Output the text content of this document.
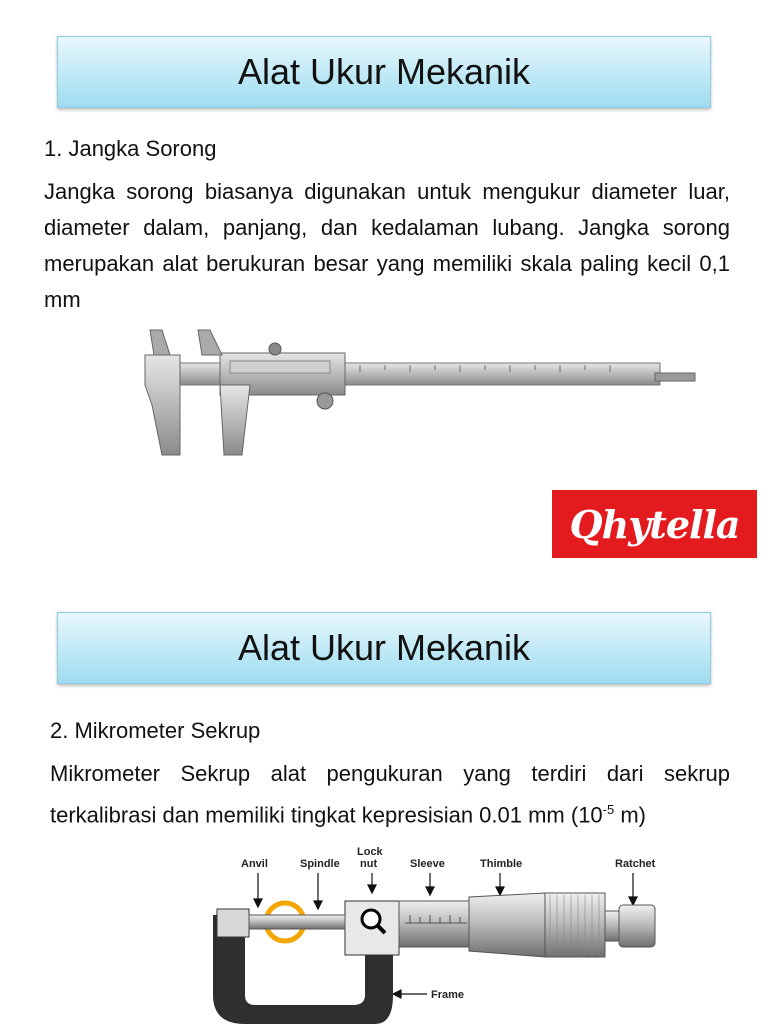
Alat Ukur Mekanik
1. Jangka Sorong
Jangka sorong biasanya digunakan untuk mengukur diameter luar, diameter dalam, panjang, dan kedalaman lubang. Jangka sorong merupakan alat berukuran besar yang memiliki skala paling kecil 0,1 mm
Qhytella
Alat Ukur Mekanik
2. Mikrometer Sekrup
Mikrometer Sekrup alat pengukuran yang terdiri dari sekrup terkalibrasi dan memiliki tingkat kepresisian 0.01 mm ($10^{-5}$ m)
Anvil	Spindle
Lock
nut	Sleeve	Thimble	Ratchet
Frame
